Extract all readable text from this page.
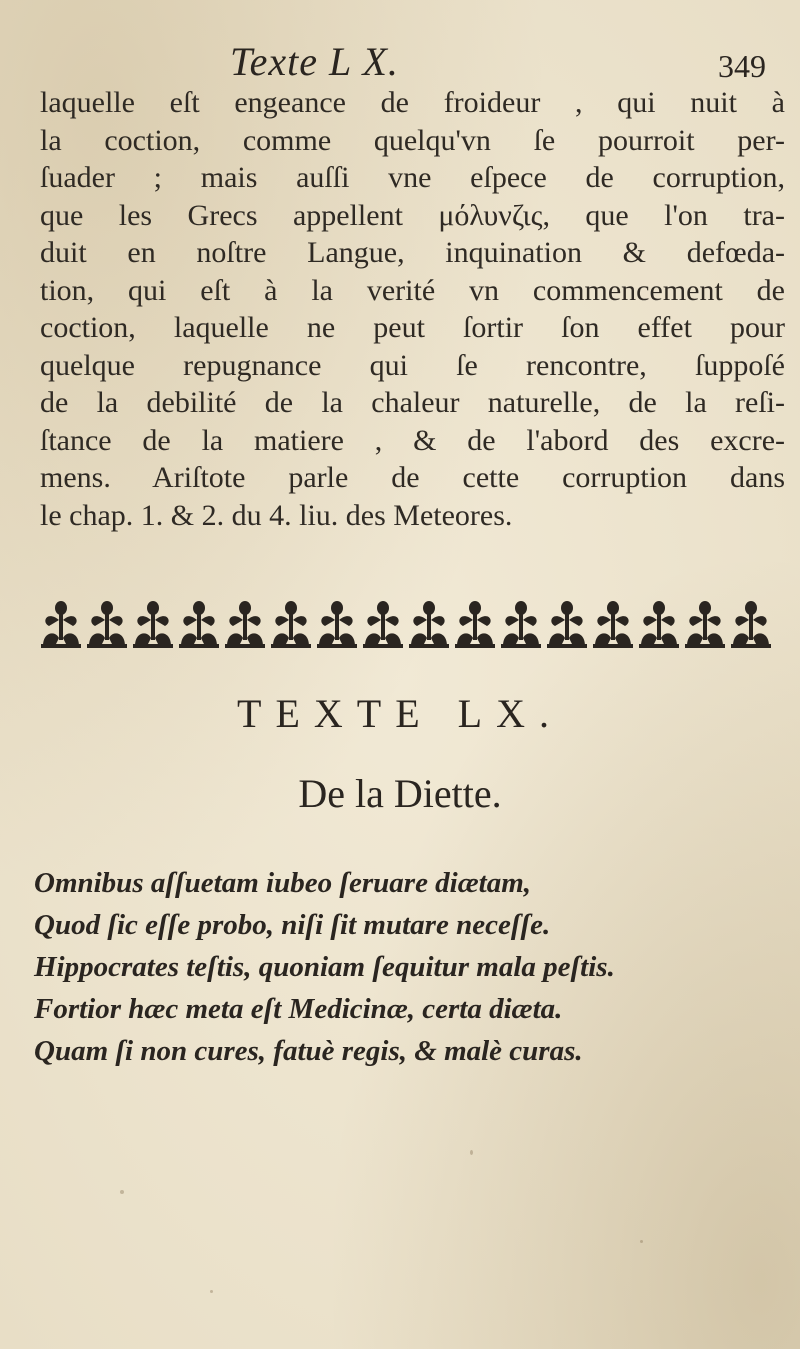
Texte L X.	349
laquelle eſt engeance de froideur , qui nuit à
la coction, comme quelqu'vn ſe pourroit per-
ſuader ; mais auſſi vne eſpece de corruption,
que les Grecs appellent μόλυνζις, que l'on tra-
duit en noſtre Langue, inquination & defœda-
tion, qui eſt à la verité vn commencement de
coction, laquelle ne peut ſortir ſon effet pour
quelque repugnance qui ſe rencontre, ſuppoſé
de la debilité de la chaleur naturelle, de la reſi-
ſtance de la matiere , & de l'abord des excre-
mens. Ariſtote parle de cette corruption dans
le chap. 1. & 2. du 4. liu. des Meteores.
TEXTE LX.
De la Diette.
Omnibus aſſuetam iubeo ſeruare diætam,
Quod ſic eſſe probo, niſi ſit mutare neceſſe.
Hippocrates teſtis, quoniam ſequitur mala peſtis.
Fortior hæc meta eſt Medicinæ, certa diæta.
Quam ſi non cures, fatuè regis, & malè curas.
